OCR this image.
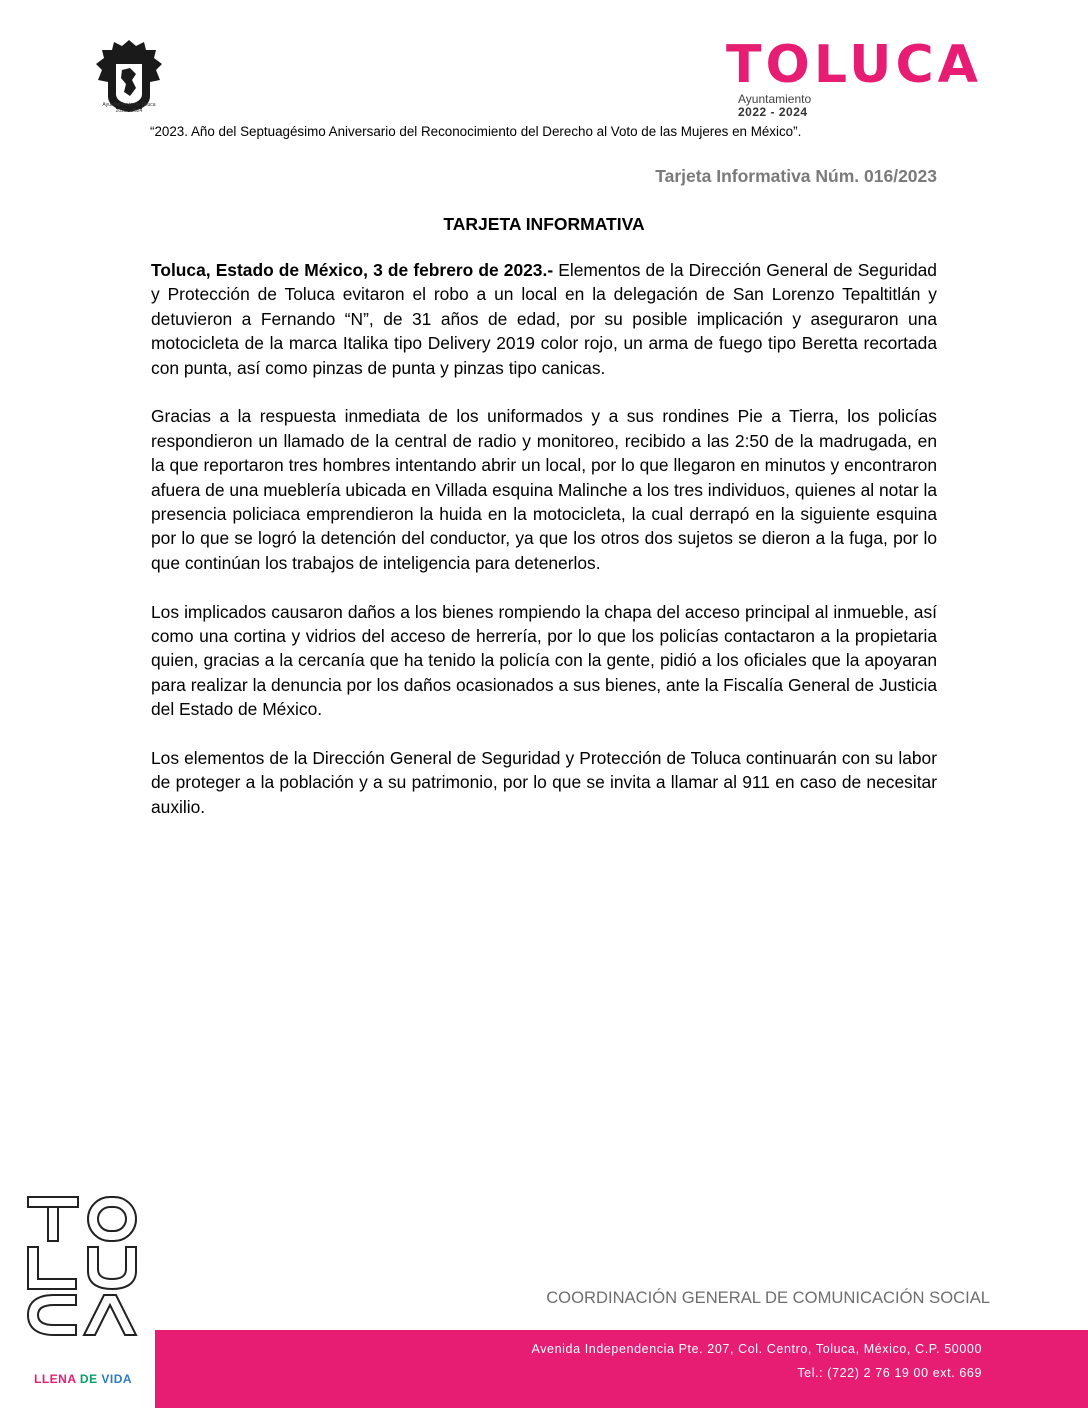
Ayuntamiento de Toluca
2022 - 2024
TOLUCA
Ayuntamiento
2022 - 2024
“2023. Año del Septuagésimo Aniversario del Reconocimiento del Derecho al Voto de las Mujeres en México”.
Tarjeta Informativa Núm. 016/2023
TARJETA INFORMATIVA

Toluca, Estado de México, 3 de febrero de 2023.- Elementos de la Dirección General de Seguridad y Protección de Toluca evitaron el robo a un local en la delegación de San Lorenzo Tepaltitlán y detuvieron a Fernando “N”, de 31 años de edad, por su posible implicación y aseguraron una motocicleta de la marca Italika tipo Delivery 2019 color rojo, un arma de fuego tipo Beretta recortada con punta, así como pinzas de punta y pinzas tipo canicas.

Gracias a la respuesta inmediata de los uniformados y a sus rondines Pie a Tierra, los policías respondieron un llamado de la central de radio y monitoreo, recibido a las 2:50 de la madrugada, en la que reportaron tres hombres intentando abrir un local, por lo que llegaron en minutos y encontraron afuera de una mueblería ubicada en Villada esquina Malinche a los tres individuos, quienes al notar la presencia policiaca emprendieron la huida en la motocicleta, la cual derrapó en la siguiente esquina por lo que se logró la detención del conductor, ya que los otros dos sujetos se dieron a la fuga, por lo que continúan los trabajos de inteligencia para detenerlos.

Los implicados causaron daños a los bienes rompiendo la chapa del acceso principal al inmueble, así como una cortina y vidrios del acceso de herrería, por lo que los policías contactaron a la propietaria quien, gracias a la cercanía que ha tenido la policía con la gente, pidió a los oficiales que la apoyaran para realizar la denuncia por los daños ocasionados a sus bienes, ante la Fiscalía General de Justicia del Estado de México.

Los elementos de la Dirección General de Seguridad y Protección de Toluca continuarán con su labor de proteger a la población y a su patrimonio, por lo que se invita a llamar al 911 en caso de necesitar auxilio.

LLENA DE VIDA
COORDINACIÓN GENERAL DE COMUNICACIÓN SOCIAL
Avenida Independencia Pte. 207, Col. Centro, Toluca, México, C.P. 50000
Tel.: (722) 2 76 19 00 ext. 669
